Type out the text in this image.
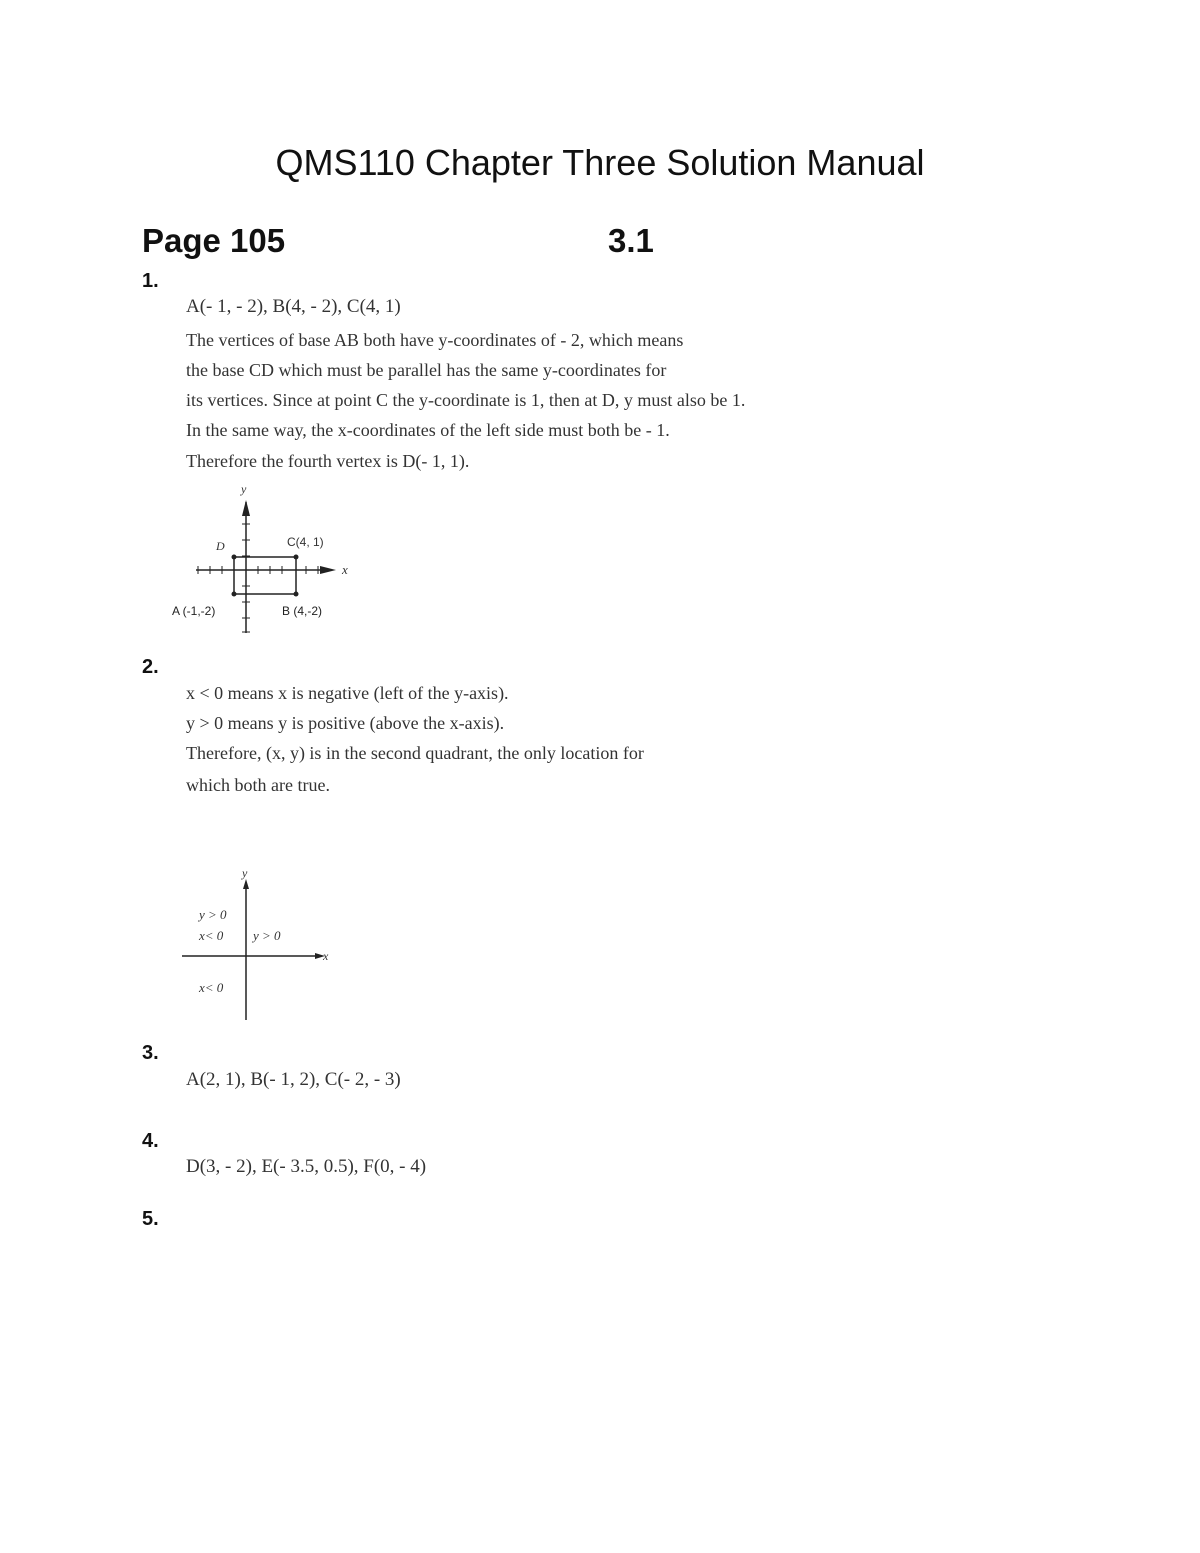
QMS110 Chapter Three Solution Manual
Page 105	3.1
1.
A(- 1, - 2), B(4, - 2), C(4, 1)
The vertices of base AB both have y-coordinates of - 2, which means
the base CD which must be parallel has the same y-coordinates for
its vertices. Since at point C the y-coordinate is 1, then at D, y must also be 1.
In the same way, the x-coordinates of the left side must both be - 1.
Therefore the fourth vertex is D(- 1, 1).
y
x
D	C(4, 1)
A (-1,-2)	B (4,-2)
2.
x < 0 means x is negative (left of the y-axis).
y > 0 means y is positive (above the x-axis).
Therefore, (x, y) is in the second quadrant, the only location for
which both are true.
y
x
y > 0
x< 0 y > 0
x< 0
3.
A(2, 1), B(- 1, 2), C(- 2, - 3)
4.
D(3, - 2), E(- 3.5, 0.5), F(0, - 4)
5.
